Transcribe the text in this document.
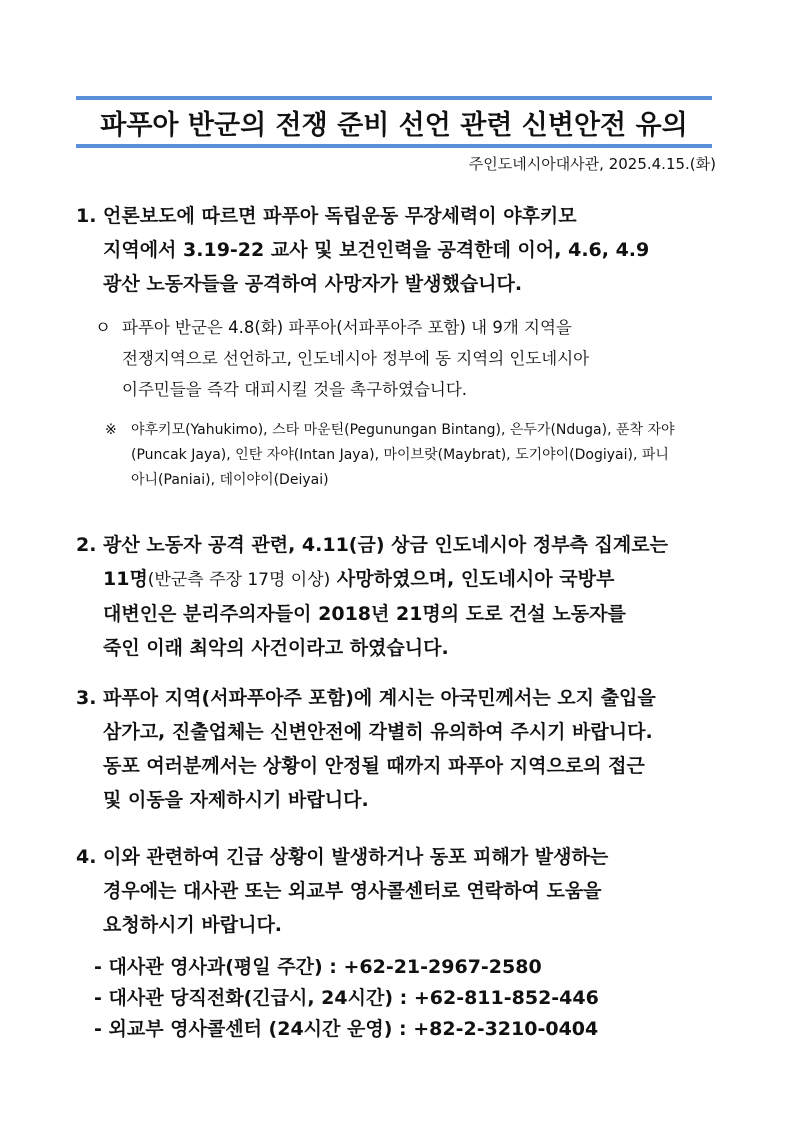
파푸아 반군의 전쟁 준비 선언 관련 신변안전 유의
주인도네시아대사관, 2025.4.15.(화)
1. 언론보도에 따르면 파푸아 독립운동 무장세력이 야후키모
지역에서 3.19-22 교사 및 보건인력을 공격한데 이어, 4.6, 4.9
광산 노동자들을 공격하여 사망자가 발생했습니다.
ㅇ 파푸아 반군은 4.8(화) 파푸아(서파푸아주 포함) 내 9개 지역을
전쟁지역으로 선언하고, 인도네시아 정부에 동 지역의 인도네시아
이주민들을 즉각 대피시킬 것을 촉구하였습니다.
※ 야후키모(Yahukimo), 스타 마운틴(Pegunungan Bintang), 은두가(Nduga), 푼착 자야
(Puncak Jaya), 인탄 자야(Intan Jaya), 마이브랏(Maybrat), 도기야이(Dogiyai), 파니
아니(Paniai), 데이야이(Deiyai)
2. 광산 노동자 공격 관련, 4.11(금) 상금 인도네시아 정부측 집계로는
11명(반군측 주장 17명 이상) 사망하였으며, 인도네시아 국방부
대변인은 분리주의자들이 2018년 21명의 도로 건설 노동자를
죽인 이래 최악의 사건이라고 하였습니다.
3. 파푸아 지역(서파푸아주 포함)에 계시는 아국민께서는 오지 출입을
삼가고, 진출업체는 신변안전에 각별히 유의하여 주시기 바랍니다.
동포 여러분께서는 상황이 안정될 때까지 파푸아 지역으로의 접근
및 이동을 자제하시기 바랍니다.
4. 이와 관련하여 긴급 상황이 발생하거나 동포 피해가 발생하는
경우에는 대사관 또는 외교부 영사콜센터로 연락하여 도움을
요청하시기 바랍니다.
- 대사관 영사과(평일 주간) : +62-21-2967-2580
- 대사관 당직전화(긴급시, 24시간) : +62-811-852-446
- 외교부 영사콜센터 (24시간 운영) : +82-2-3210-0404
